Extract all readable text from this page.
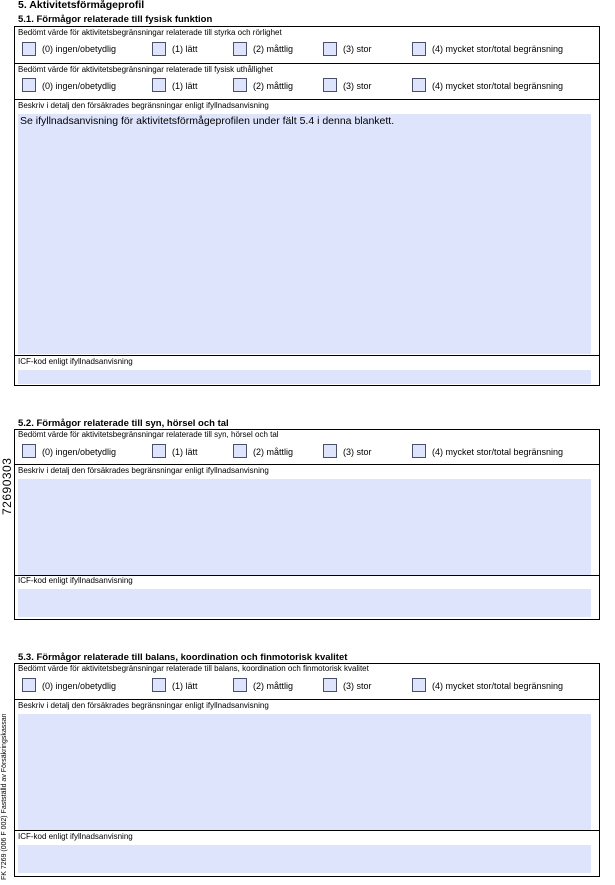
5. Aktivitetsförmågeprofil
5.1. Förmågor relaterade till fysisk funktion
Bedömt värde för aktivitetsbegränsningar relaterade till styrka och rörlighet
(0) ingen/obetydlig	(1) lätt	(2) måttlig	(3) stor	(4) mycket stor/total begränsning
Bedömt värde för aktivitetsbegränsningar relaterade till fysisk uthållighet
(0) ingen/obetydlig	(1) lätt	(2) måttlig	(3) stor	(4) mycket stor/total begränsning
Beskriv i detalj den försäkrades begränsningar enligt ifyllnadsanvisning
Se ifyllnadsanvisning för aktivitetsförmågeprofilen under fält 5.4 i denna blankett.
ICF-kod enligt ifyllnadsanvisning
5.2. Förmågor relaterade till syn, hörsel och tal
Bedömt värde för aktivitetsbegränsningar relaterade till syn, hörsel och tal
(0) ingen/obetydlig	(1) lätt	(2) måttlig	(3) stor	(4) mycket stor/total begränsning
Beskriv i detalj den försäkrades begränsningar enligt ifyllnadsanvisning
ICF-kod enligt ifyllnadsanvisning
5.3. Förmågor relaterade till balans, koordination och finmotorisk kvalitet
Bedömt värde för aktivitetsbegränsningar relaterade till balans, koordination och finmotorisk kvalitet
(0) ingen/obetydlig	(1) lätt	(2) måttlig	(3) stor	(4) mycket stor/total begränsning
Beskriv i detalj den försäkrades begränsningar enligt ifyllnadsanvisning
ICF-kod enligt ifyllnadsanvisning
72690303
FK 7269 (006 F 002) Fastställd av Försäkringskassan
